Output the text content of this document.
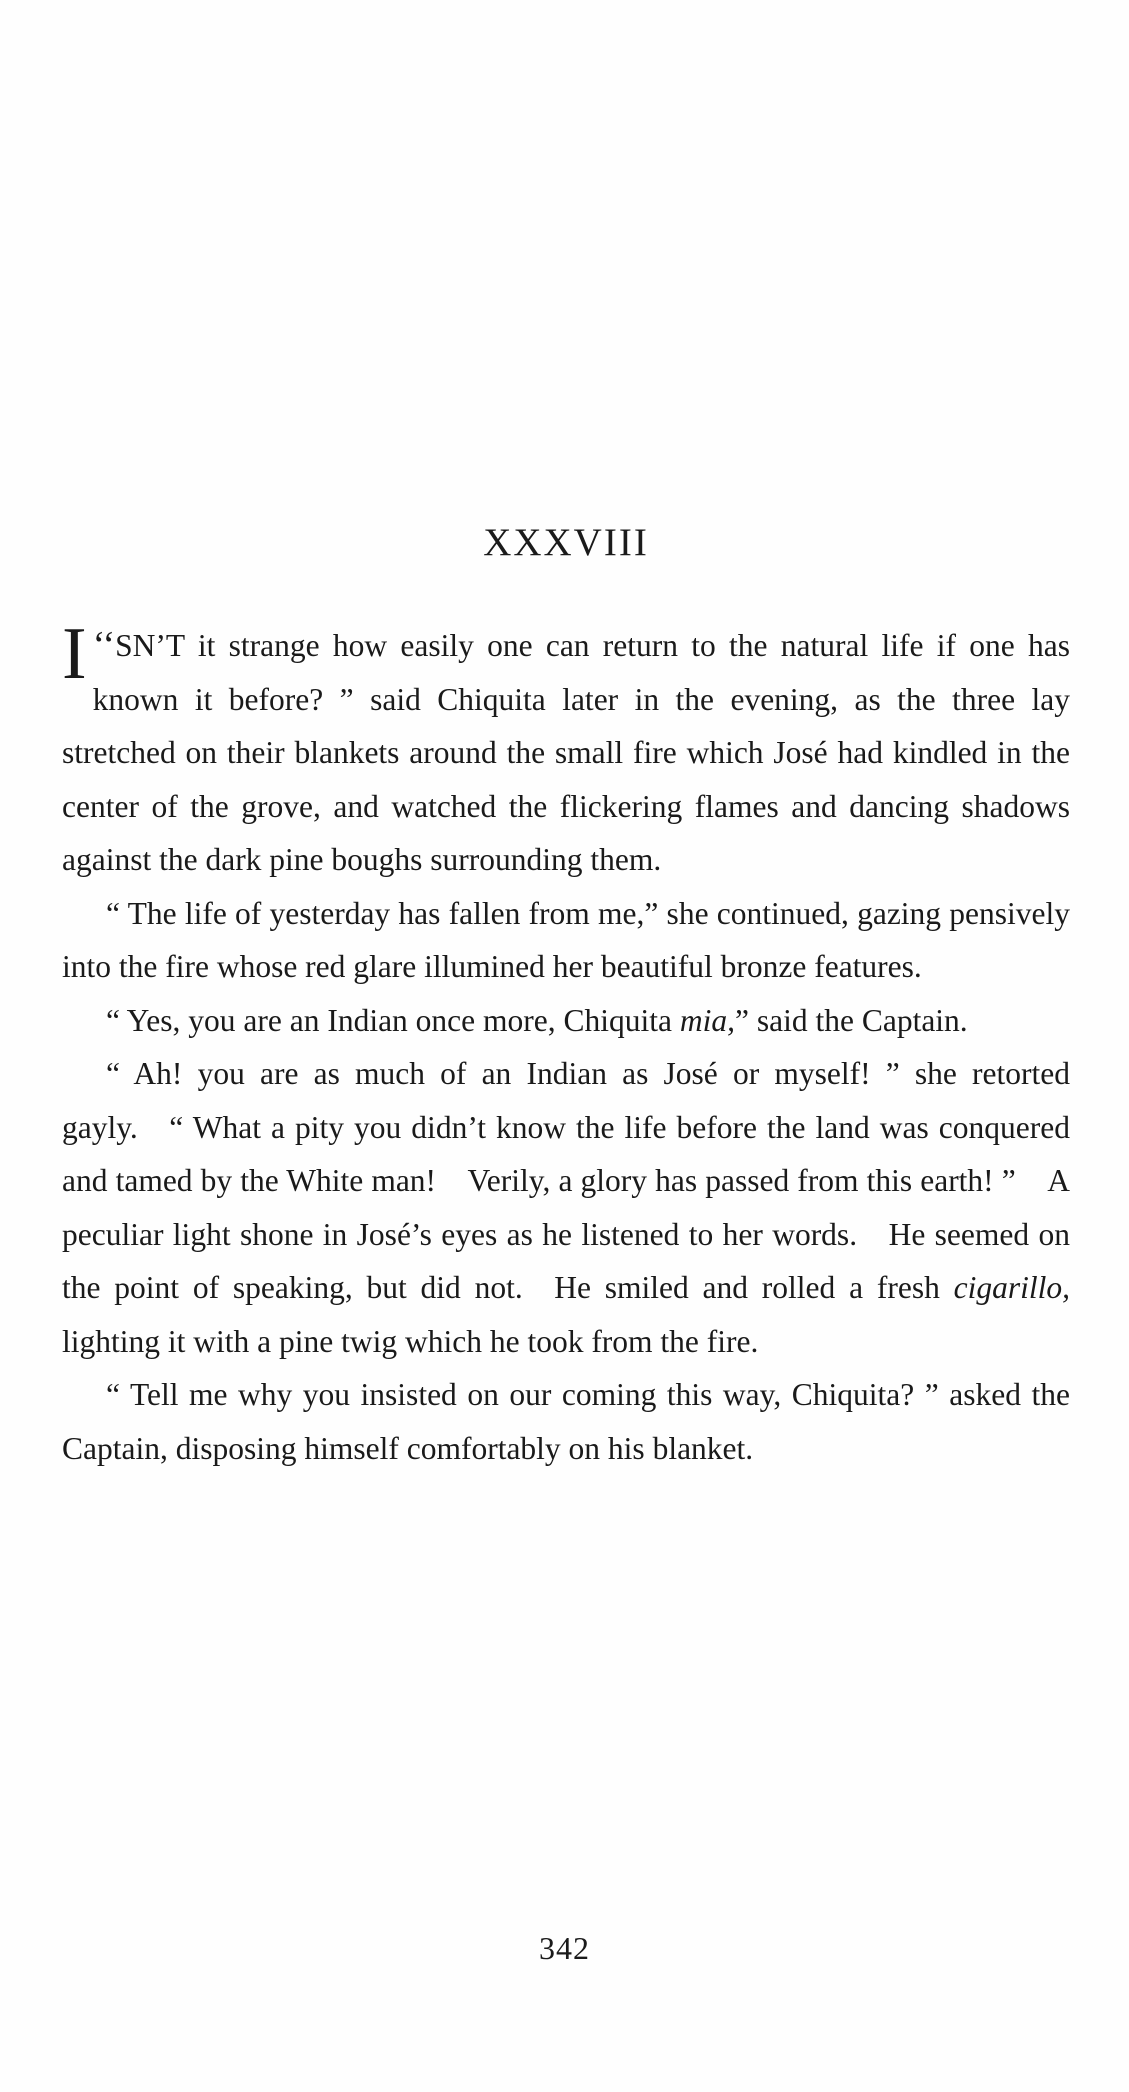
XXXVIII

‘‘
I SN’T it strange how easily one can return to the natural life if one has known it before? ” said Chiquita later in the evening, as the three lay stretched on their blankets around the small fire which José had kindled in the center of the grove, and watched the flickering flames and dancing shadows against the dark pine boughs surrounding them.

“ The life of yesterday has fallen from me,” she continued, gazing pensively into the fire whose red glare illumined her beautiful bronze features.

“ Yes, you are an Indian once more, Chiquita mia,” said the Captain.

“ Ah! you are as much of an Indian as José or myself! ” she retorted gayly. “ What a pity you didn’t know the life before the land was conquered and tamed by the White man! Verily, a glory has passed from this earth! ” A peculiar light shone in José’s eyes as he listened to her words. He seemed on the point of speaking, but did not. He smiled and rolled a fresh cigarillo, lighting it with a pine twig which he took from the fire.

“ Tell me why you insisted on our coming this way, Chiquita? ” asked the Captain, disposing himself comfortably on his blanket.

342
